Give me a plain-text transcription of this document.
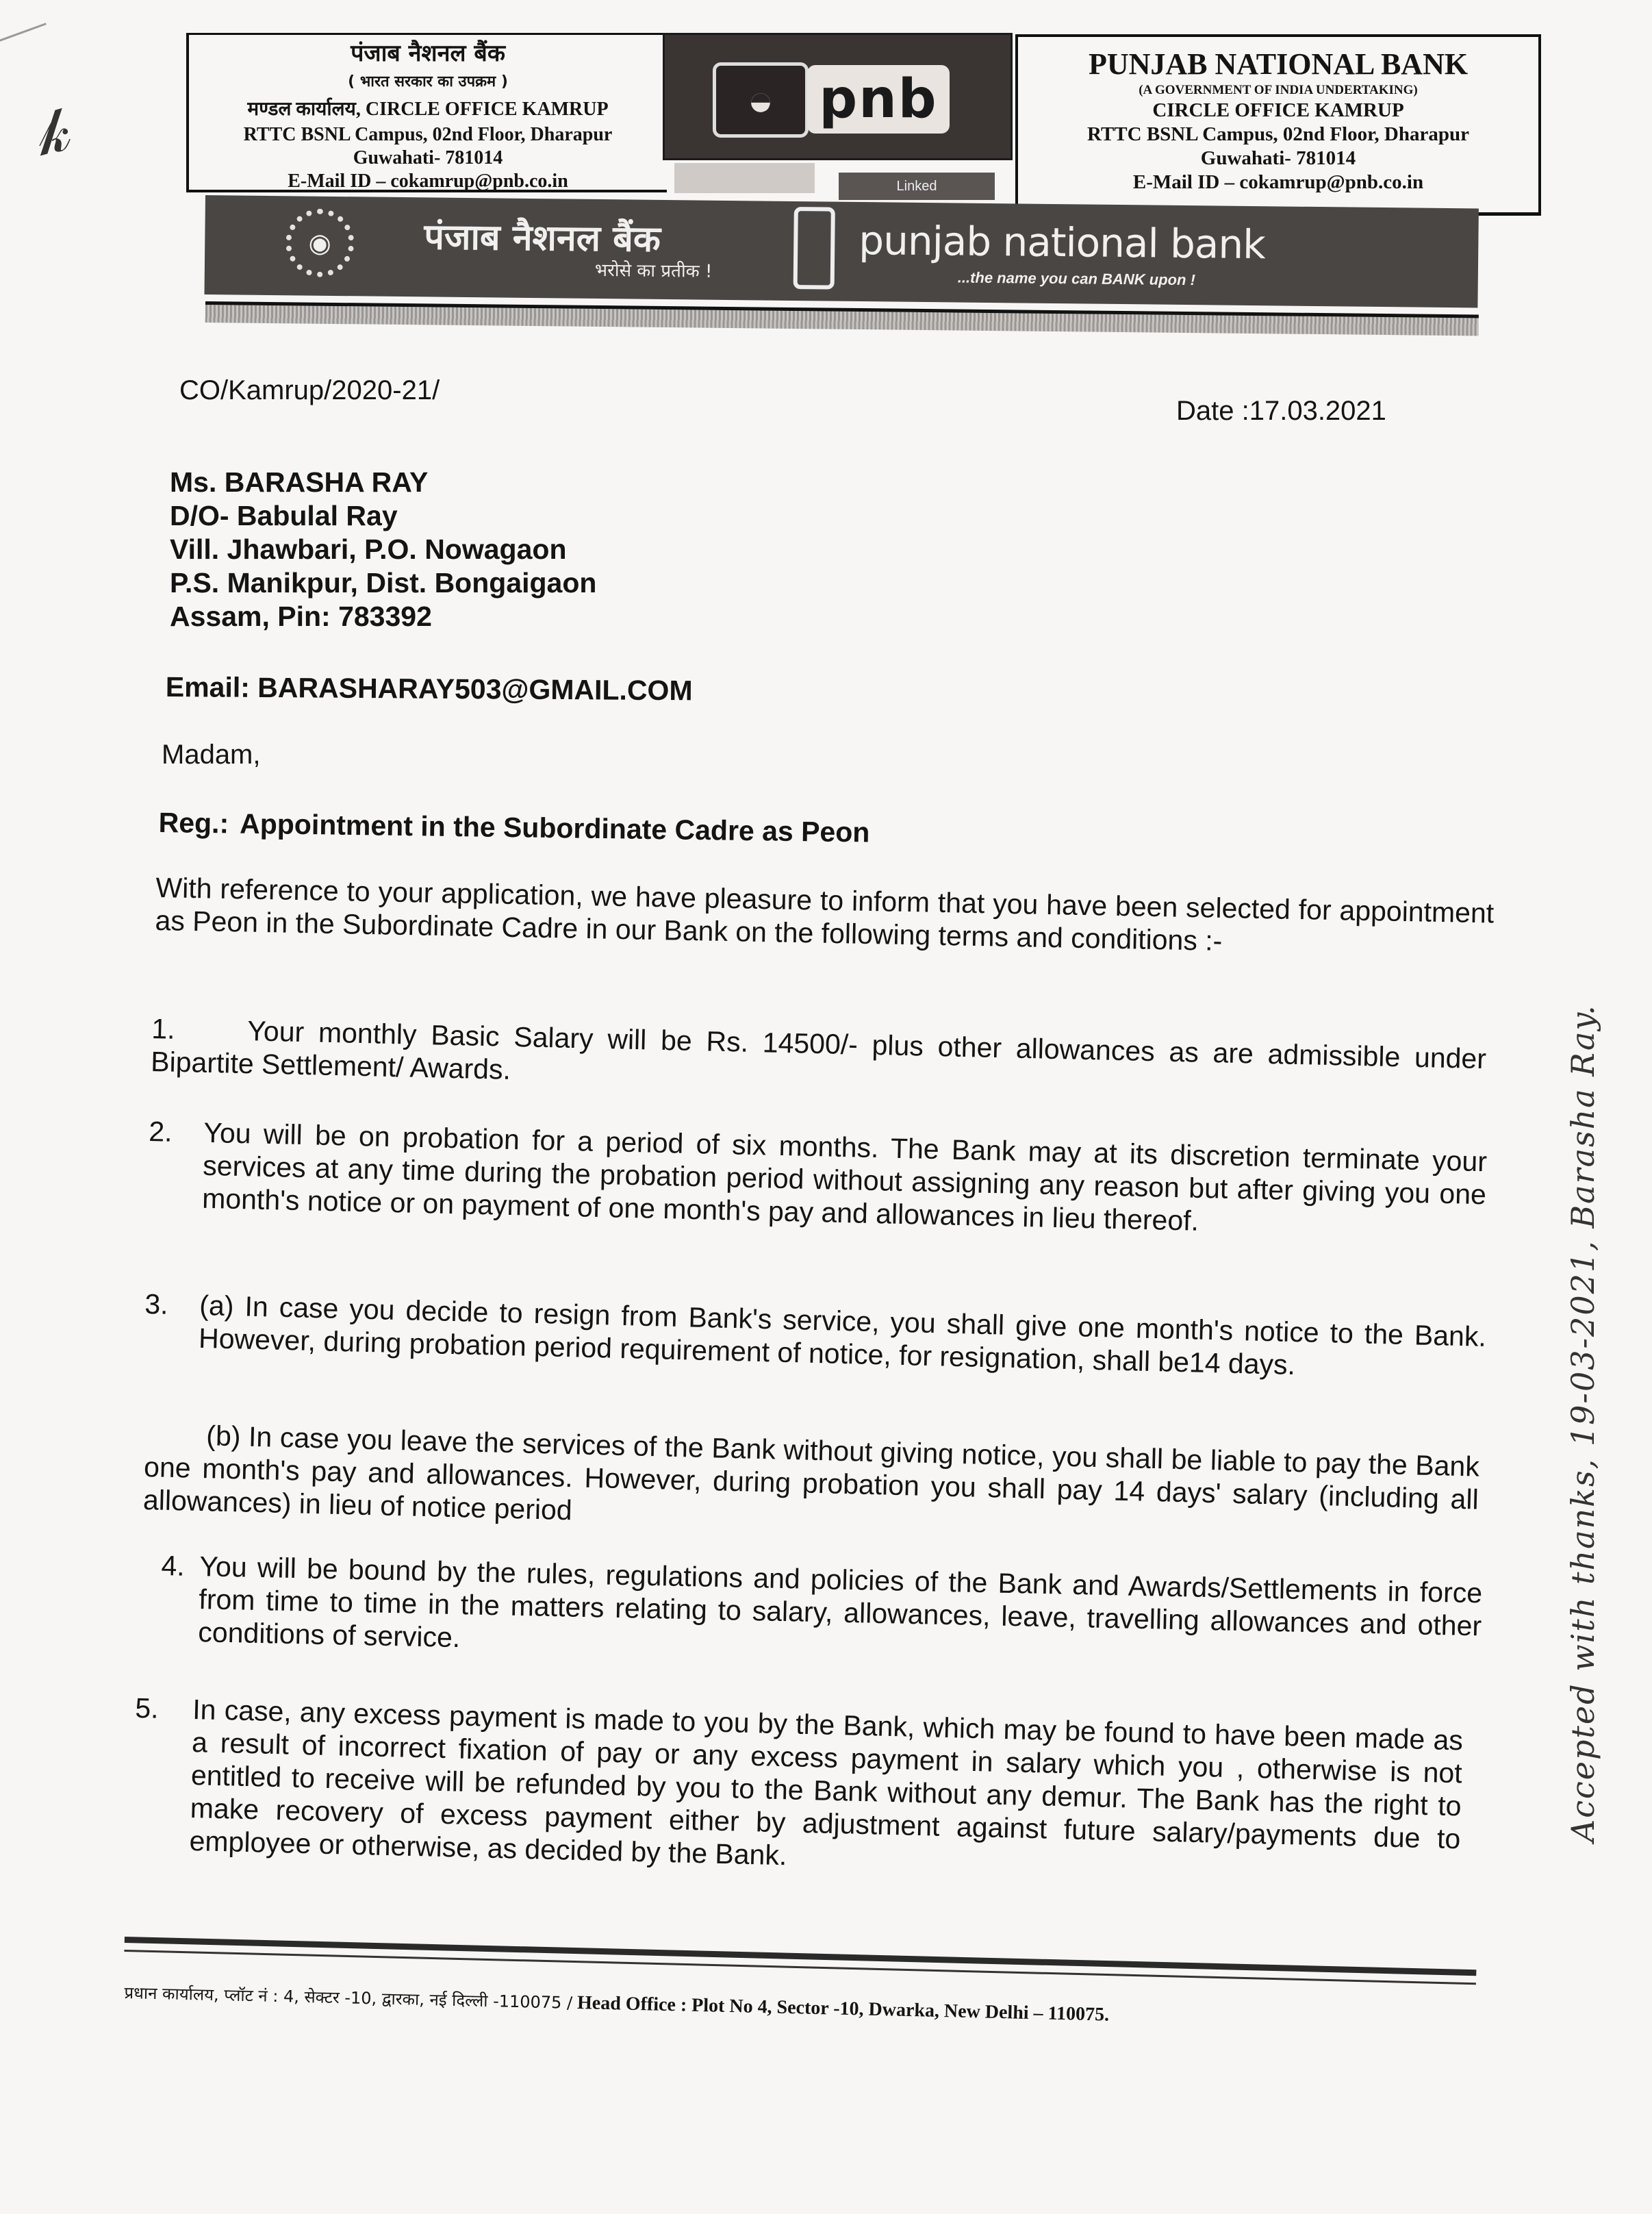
𝓀
पंजाब नैशनल बैंक
( भारत सरकार का उपक्रम )
मण्डल कार्यालय, CIRCLE OFFICE KAMRUP
RTTC BSNL Campus, 02nd Floor, Dharapur
Guwahati- 781014
E-Mail ID – cokamrup@pnb.co.in
◒ pnb
Linked
PUNJAB NATIONAL BANK
(A GOVERNMENT OF INDIA UNDERTAKING)
CIRCLE OFFICE KAMRUP
RTTC BSNL Campus, 02nd Floor, Dharapur
Guwahati- 781014
E-Mail ID – cokamrup@pnb.co.in
◉	पंजाब नैशनल बैंक
भरोसे का प्रतीक !
punjab national bank
...the name you can BANK upon !
CO/Kamrup/2020-21/
Date :17.03.2021
Ms. BARASHA RAY
D/O- Babulal Ray
Vill. Jhawbari, P.O. Nowagaon
P.S. Manikpur, Dist. Bongaigaon
Assam, Pin: 783392
Email: BARASHARAY503@GMAIL.COM
Madam,
Reg.: Appointment in the Subordinate Cadre as Peon
With reference to your application, we have pleasure to inform that you have been selected for appointment as Peon in the Subordinate Cadre in our Bank on the following terms and conditions :-
1.	Your monthly Basic Salary will be Rs. 14500/- plus other allowances as are admissible under Bipartite Settlement/ Awards.
2. You will be on probation for a period of six months. The Bank may at its discretion terminate your services at any time during the probation period without assigning any reason but after giving you one month's notice or on payment of one month's pay and allowances in lieu thereof.
3. (a) In case you decide to resign from Bank's service, you shall give one month's notice to the Bank. However, during probation period requirement of notice, for resignation, shall be14 days.
(b) In case you leave the services of the Bank without giving notice, you shall be liable to pay the Bank one month's pay and allowances. However, during probation you shall pay 14 days' salary (including all allowances) in lieu of notice period
4. You will be bound by the rules, regulations and policies of the Bank and Awards/Settlements in force from time to time in the matters relating to salary, allowances, leave, travelling allowances and other conditions of service.
5. In case, any excess payment is made to you by the Bank, which may be found to have been made as a result of incorrect fixation of pay or any excess payment in salary which you , otherwise is not entitled to receive will be refunded by you to the Bank without any demur. The Bank has the right to make recovery of excess payment either by adjustment against future salary/payments due to employee or otherwise, as decided by the Bank.
प्रधान कार्यालय, प्लॉट नं : 4, सेक्टर -10, द्वारका, नई दिल्ली -110075 / Head Office : Plot No 4, Sector -10, Dwarka, New Delhi – 110075.
Accepted with thanks, 19-03-2021, Barasha Ray.
